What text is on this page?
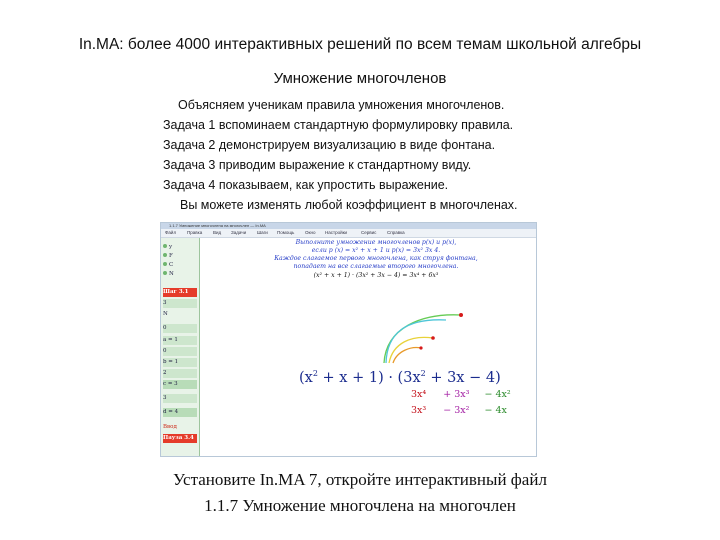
In.MA: более 4000 интерактивных решений по всем темам школьной алгебры
Умножение многочленов
Объясняем ученикам правила умножения многочленов.
Задача 1 вспоминаем стандартную формулировку правила.
Задача 2 демонстрируем визуализацию в виде фонтана.
Задача 3 приводим выражение к стандартному виду.
Задача 4 показываем, как упростить выражение.
Вы можете изменять любой коэффициент в многочленах.
1.1.7 Умножение многочлена на многочлен — In.MA
Файл Правка Вид Задачи Шаги Помощь Окно Настройки	Сервис Справка
y
F
C
N
Шаг 3.1
3
N
0
a = 1
0
b = 1
2
c = 3
3
d = 4
Ввод
Пауза 3.4
Выполните умножение многочленов p(x) и p(x),
если p (x) = x² + x + 1 и p(x) = 3x² 3x 4.
Каждое слагаемое первого многочлена, как струя фонтана,
попадает на все слагаемые второго многочлена.
(x² + x + 1) · (3x² + 3x − 4) = 3x⁴ + 6x³
$(x^2 + x + 1) \cdot (3x^2 + 3x - 4)$
3x⁴ + 3x³ − 4x²
3x³ − 3x² − 4x
Установите In.MA 7, откройте интерактивный файл
1.1.7 Умножение многочлена на многочлен
